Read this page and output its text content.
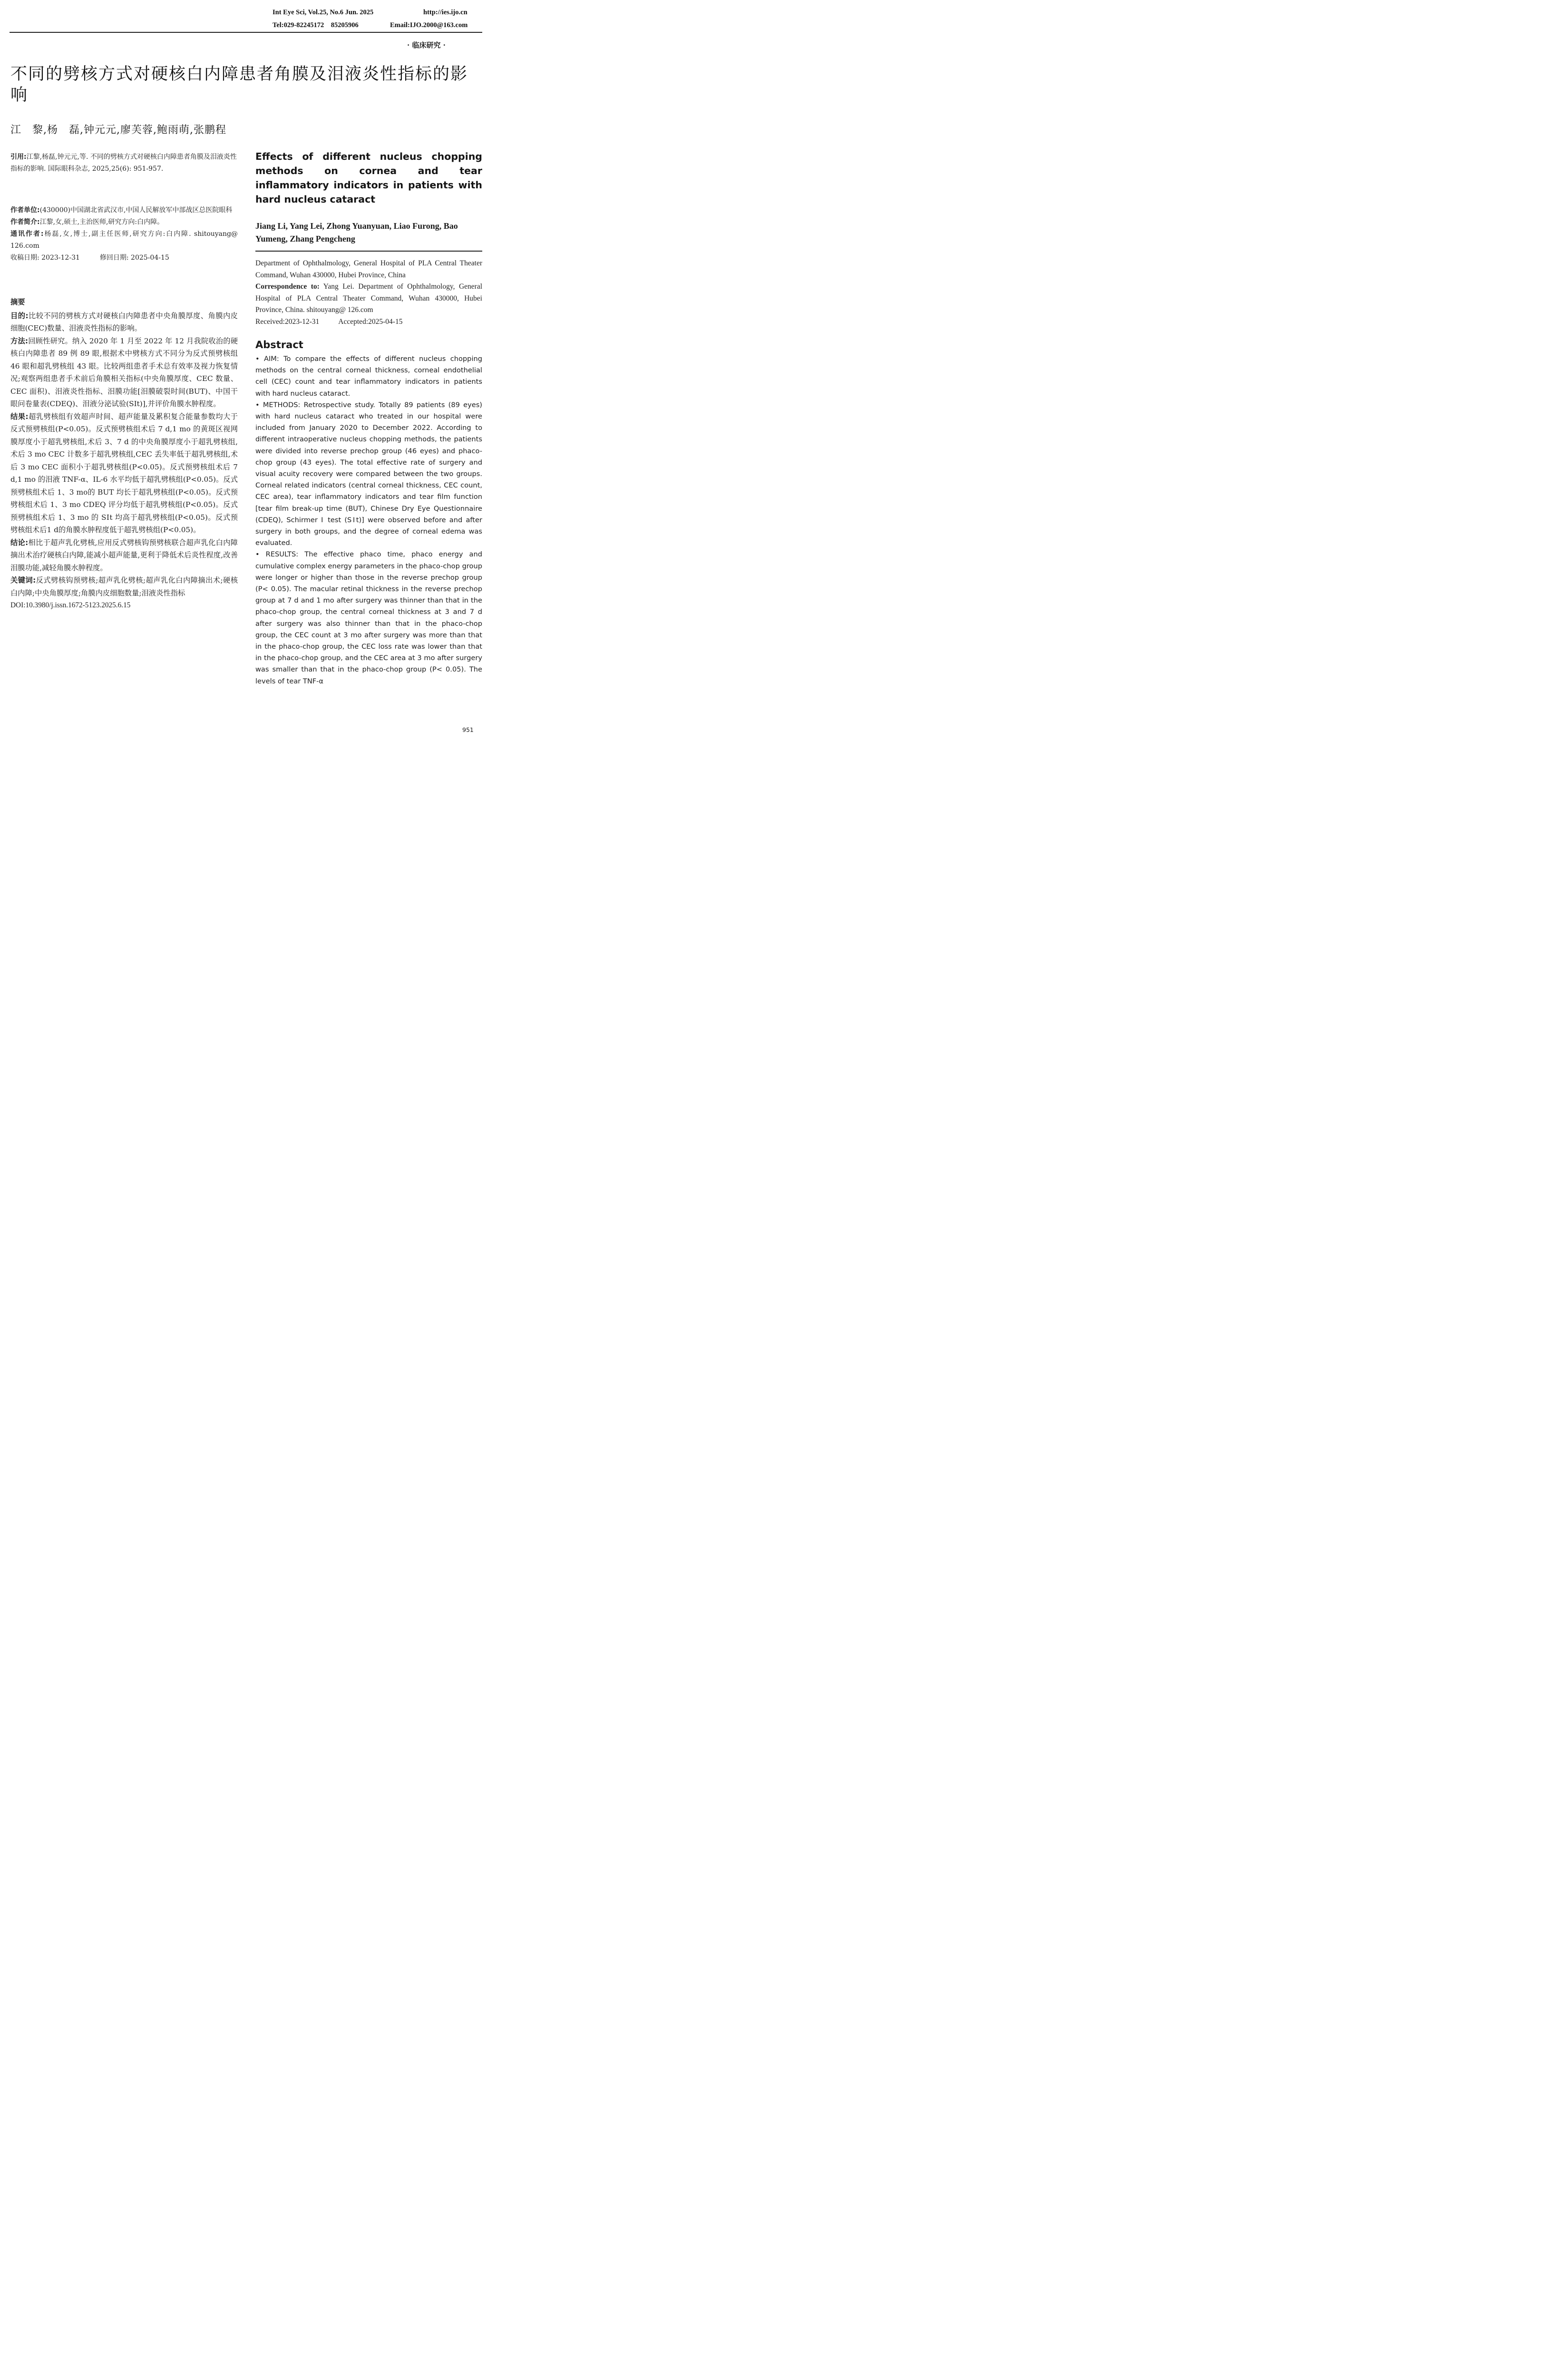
Int Eye Sci, Vol.25, No.6 Jun. 2025	http://ies.ijo.cn
Tel:029-82245172    85205906	Email:IJO.2000@163.com
· 临床研究 ·
不同的劈核方式对硬核白内障患者角膜及泪液炎性指标的影响
江　黎,杨　磊,钟元元,廖芙蓉,鲍雨萌,张鹏程
引用:江黎,杨磊,钟元元,等. 不同的劈核方式对硬核白内障患者角膜及泪液炎性指标的影响. 国际眼科杂志, 2025,25(6): 951-957.
作者单位:(430000)中国湖北省武汉市,中国人民解放军中部战区总医院眼科
作者简介:江黎,女,硕士,主治医师,研究方向:白内障。
通讯作者:杨磊,女,博士,副主任医师,研究方向:白内障. shitouyang@ 126.com
收稿日期: 2023-12-31	修回日期: 2025-04-15

摘要

目的:比较不同的劈核方式对硬核白内障患者中央角膜厚度、角膜内皮细胞(CEC)数量、泪液炎性指标的影响。

方法:回顾性研究。纳入 2020 年 1 月至 2022 年 12 月我院收治的硬核白内障患者 89 例 89 眼,根据术中劈核方式不同分为反式预劈核组 46 眼和超乳劈核组 43 眼。比较两组患者手术总有效率及视力恢复情况;观察两组患者手术前后角膜相关指标(中央角膜厚度、CEC 数量、CEC 面积)、泪液炎性指标、泪膜功能[泪膜破裂时间(BUT)、中国干眼问卷量表(CDEQ)、泪液分泌试验(SⅠt)],并评价角膜水肿程度。

结果:超乳劈核组有效超声时间、超声能量及累积复合能量参数均大于反式预劈核组(P<0.05)。反式预劈核组术后 7 d,1 mo 的黄斑区视网膜厚度小于超乳劈核组,术后 3、7 d 的中央角膜厚度小于超乳劈核组,术后 3 mo CEC 计数多于超乳劈核组,CEC 丢失率低于超乳劈核组,术后 3 mo CEC 面积小于超乳劈核组(P<0.05)。反式预劈核组术后 7 d,1 mo 的泪液 TNF-α、IL-6 水平均低于超乳劈核组(P<0.05)。反式预劈核组术后 1、3 mo的 BUT 均长于超乳劈核组(P<0.05)。反式预劈核组术后 1、3 mo CDEQ 评分均低于超乳劈核组(P<0.05)。反式预劈核组术后 1、3 mo 的 SⅠt 均高于超乳劈核组(P<0.05)。反式预劈核组术后1 d的角膜水肿程度低于超乳劈核组(P<0.05)。

结论:相比于超声乳化劈核,应用反式劈核钩预劈核联合超声乳化白内障摘出术治疗硬核白内障,能减小超声能量,更利于降低术后炎性程度,改善泪膜功能,减轻角膜水肿程度。

关键词:反式劈核钩预劈核;超声乳化劈核;超声乳化白内障摘出术;硬核白内障;中央角膜厚度;角膜内皮细胞数量;泪液炎性指标

DOI:10.3980/j.issn.1672-5123.2025.6.15

Effects of different nucleus chopping methods on cornea and tear inflammatory indicators in patients with hard nucleus cataract
Jiang Li, Yang Lei, Zhong Yuanyuan, Liao Furong, Bao Yumeng, Zhang Pengcheng
Department of Ophthalmology, General Hospital of PLA Central Theater Command, Wuhan 430000, Hubei Province, China
Correspondence to: Yang Lei. Department of Ophthalmology, General Hospital of PLA Central Theater Command, Wuhan 430000, Hubei Province, China. shitouyang@ 126.com
Received:2023-12-31	Accepted:2025-04-15
Abstract

• AIM: To compare the effects of different nucleus chopping methods on the central corneal thickness, corneal endothelial cell (CEC) count and tear inflammatory indicators in patients with hard nucleus cataract.

• METHODS: Retrospective study. Totally 89 patients (89 eyes) with hard nucleus cataract who treated in our hospital were included from January 2020 to December 2022. According to different intraoperative nucleus chopping methods, the patients were divided into reverse prechop group (46 eyes) and phaco-chop group (43 eyes). The total effective rate of surgery and visual acuity recovery were compared between the two groups. Corneal related indicators (central corneal thickness, CEC count, CEC area), tear inflammatory indicators and tear film function [tear film break-up time (BUT), Chinese Dry Eye Questionnaire (CDEQ), Schirmer Ⅰ test (SⅠt)] were observed before and after surgery in both groups, and the degree of corneal edema was evaluated.

• RESULTS: The effective phaco time, phaco energy and cumulative complex energy parameters in the phaco-chop group were longer or higher than those in the reverse prechop group (P< 0.05). The macular retinal thickness in the reverse prechop group at 7 d and 1 mo after surgery was thinner than that in the phaco-chop group, the central corneal thickness at 3 and 7 d after surgery was also thinner than that in the phaco-chop group, the CEC count at 3 mo after surgery was more than that in the phaco-chop group, the CEC loss rate was lower than that in the phaco-chop group, and the CEC area at 3 mo after surgery was smaller than that in the phaco-chop group (P< 0.05). The levels of tear TNF-α

951
